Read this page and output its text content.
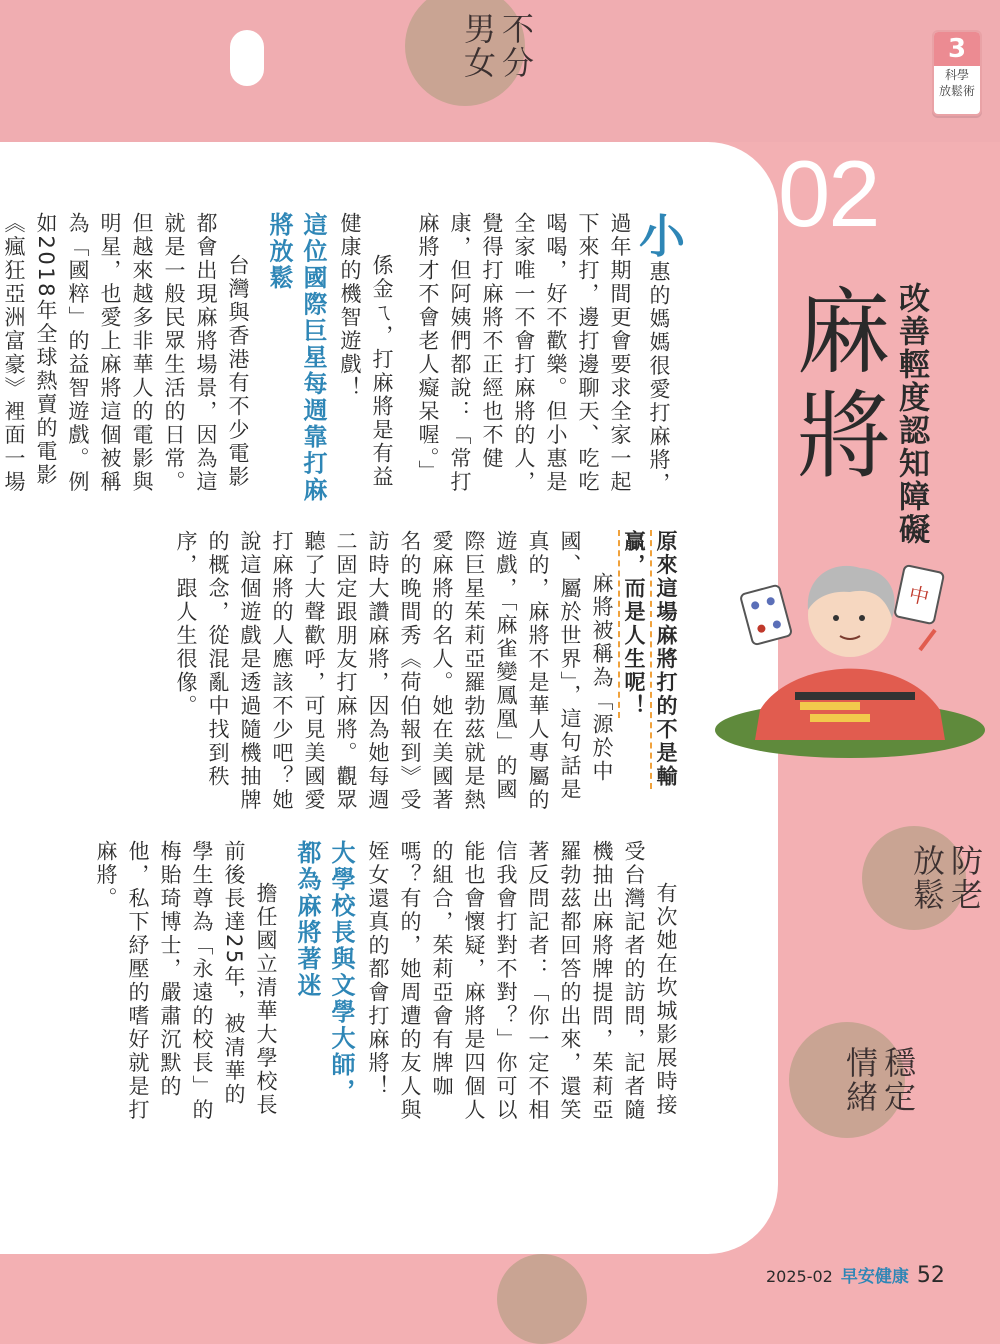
不分
男女	3
科學
放鬆術
02
麻將 改善輕度認知障礙
中

小惠的媽媽很愛打麻將，過年期間更會要求全家一起下來打，邊打邊聊天、吃吃喝喝，好不歡樂。但小惠是全家唯一不會打麻將的人，覺得打麻將不正經也不健康，但阿姨們都說：「常打麻將才不會老人癡呆喔。」

係金ㄟ，打麻將是有益健康的機智遊戲！

這位國際巨星每週靠打麻將放鬆

台灣與香港有不少電影都會出現麻將場景，因為這就是一般民眾生活的日常。但越來越多非華人的電影與明星，也愛上麻將這個被稱為「國粹」的益智遊戲。例如2018年全球熱賣的電影《瘋狂亞洲富豪》裡面一場

原來這場麻將打的不是輸贏，而是人生呢！

麻將被稱為「源於中國、屬於世界」，這句話是真的，麻將不是華人專屬的遊戲，「麻雀變鳳凰」的國際巨星茱莉亞羅勃茲就是熱愛麻將的名人。她在美國著名的晚間秀《荷伯報到》受訪時大讚麻將，因為她每週二固定跟朋友打麻將。觀眾聽了大聲歡呼，可見美國愛打麻將的人應該不少吧？她說這個遊戲是透過隨機抽牌的概念，從混亂中找到秩序，跟人生很像。

有次她在坎城影展時接受台灣記者的訪問，記者隨機抽出麻將牌提問，茱莉亞羅勃茲都回答的出來，還笑著反問記者：「你一定不相信我會打對不對？」你可以能也會懷疑，麻將是四個人的組合，茱莉亞會有牌咖嗎？有的，她周遭的友人與姪女還真的都會打麻將！

大學校長與文學大師，都為麻將著迷

擔任國立清華大學校長前後長達25年，被清華的學生尊為「永遠的校長」的梅貽琦博士，嚴肅沉默的他，私下紓壓的嗜好就是打麻將。	防老
放鬆
穩定
情緒
2025-02 早安健康 52
